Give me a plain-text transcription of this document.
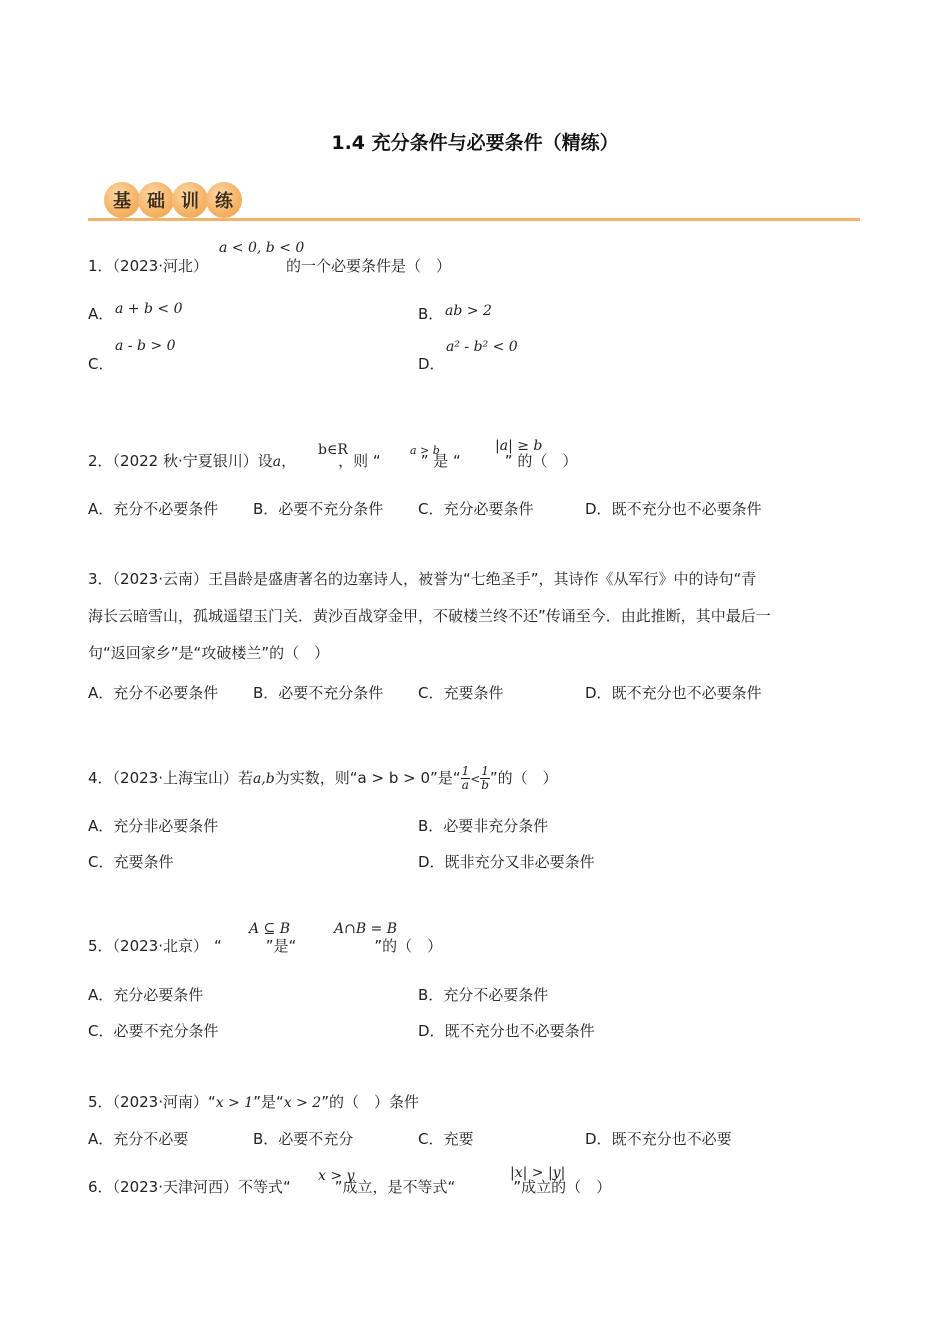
1.4 充分条件与必要条件（精练）
基 础 训 练
a < 0, b < 0
1．（2023·河北）	的一个必要条件是（　）
A． a + b < 0	B． ab > 2
a - b > 0
C．
a² - b² < 0
D．
b∈R	a > b	|a| ≥ b
2．（2022 秋·宁夏银川）设a，	，则 “	” 是 “	” 的（　）
A．充分不必要条件 B．必要不充分条件 C．充分必要条件	D．既不充分也不必要条件
3．（2023·云南）王昌龄是盛唐著名的边塞诗人，被誉为“七绝圣手”，其诗作《从军行》中的诗句“青
海长云暗雪山，孤城遥望玉门关．黄沙百战穿金甲，不破楼兰终不还”传诵至今．由此推断，其中最后一
句“返回家乡”是“攻破楼兰”的（　）
A．充分不必要条件 B．必要不充分条件 C．充要条件	D．既不充分也不必要条件
4．（2023·上海宝山）若a,b为实数，则“a > b > 0”是“ $\frac{1}{a} < \frac{1}{b}$ ”的（　）
A．充分非必要条件	B．必要非充分条件
C．充要条件	D．既非充分又非必要条件
A ⊆ B	A∩B = B
5．（2023·北京） “	”是“	”的（　）
A．充分必要条件	B．充分不必要条件
C．必要不充分条件	D．既不充分也不必要条件
5．（2023·河南）“x > 1”是“x > 2”的（　）条件
A．充分不必要	B．必要不充分	C．充要	D．既不充分也不必要
x > y	|x| > |y|
6．（2023·天津河西）不等式“	”成立，是不等式“	”成立的（　）
